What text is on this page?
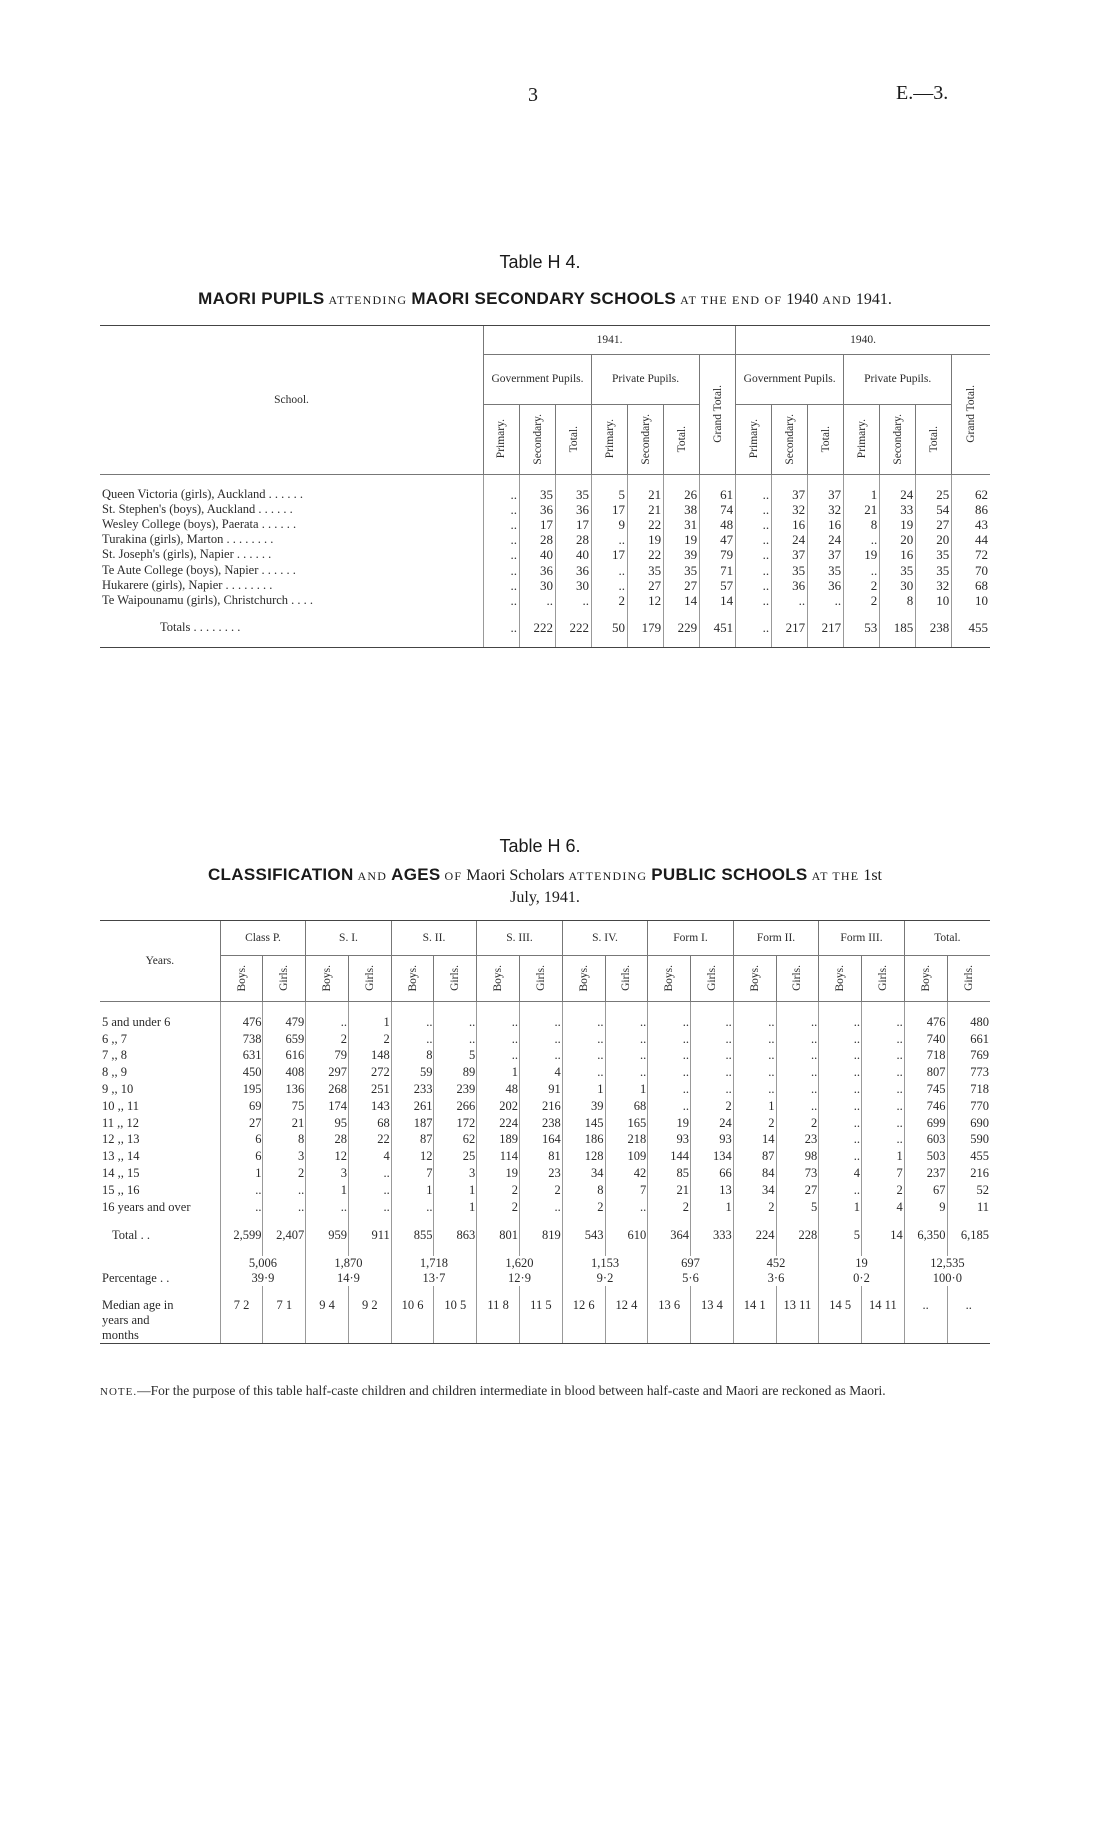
3	E.—3.
Table H 4.
MAORI PUPILS ATTENDING MAORI SECONDARY SCHOOLS AT THE END OF 1940 AND 1941.
School.	1941.							1940.						
	Government Pupils.			Private Pupils.			Grand Total.	Government Pupils.			Private Pupils.			Grand Total.

	Primary.	Secondary.	Total.	Primary.	Secondary.	Total.		Primary.	Secondary.	Total.	Primary.	Secondary.	Total.	

Queen Victoria (girls), Auckland . . . . . .	..	35	35	5	21	26	61	..	37	37	1	24	25	62
St. Stephen's (boys), Auckland . . . . . .	..	36	36	17	21	38	74	..	32	32	21	33	54	86
Wesley College (boys), Paerata . . . . . .	..	17	17	9	22	31	48	..	16	16	8	19	27	43
Turakina (girls), Marton . . . . . . . .	..	28	28	..	19	19	47	..	24	24	..	20	20	44
St. Joseph's (girls), Napier . . . . . .	..	40	40	17	22	39	79	..	37	37	19	16	35	72
Te Aute College (boys), Napier . . . . . .	..	36	36	..	35	35	71	..	35	35	..	35	35	70
Hukarere (girls), Napier . . . . . . . .	..	30	30	..	27	27	57	..	36	36	2	30	32	68
Te Waipounamu (girls), Christchurch . . . .	..	..	..	2	12	14	14	..	..	..	2	8	10	10

Totals . . . . . . . .	..	222	222	50	179	229	451	..	217	217	53	185	238	455

Table H 6.
CLASSIFICATION AND AGES OF Maori Scholars ATTENDING PUBLIC SCHOOLS AT THE 1st
July, 1941.
Years.	Class P.		S. I.		S. II.		S. III.		S. IV.		Form I.		Form II.		Form III.		Total.	

	Boys.	Girls.	Boys.	Girls.	Boys.	Girls.	Boys.	Girls.	Boys.	Girls.	Boys.	Girls.	Boys.	Girls.	Boys.	Girls.	Boys.	Girls.

5 and under 6	476	479	..	1	..	..	..	..	..	..	..	..	..	..	..	..	476	480
6 ,, 7	738	659	2	2	..	..	..	..	..	..	..	..	..	..	..	..	740	661
7 ,, 8	631	616	79	148	8	5	..	..	..	..	..	..	..	..	..	..	718	769
8 ,, 9	450	408	297	272	59	89	1	4	..	..	..	..	..	..	..	..	807	773
9 ,, 10	195	136	268	251	233	239	48	91	1	1	..	..	..	..	..	..	745	718
10 ,, 11	69	75	174	143	261	266	202	216	39	68	..	2	1	..	..	..	746	770
11 ,, 12	27	21	95	68	187	172	224	238	145	165	19	24	2	2	..	..	699	690
12 ,, 13	6	8	28	22	87	62	189	164	186	218	93	93	14	23	..	..	603	590
13 ,, 14	6	3	12	4	12	25	114	81	128	109	144	134	87	98	..	1	503	455
14 ,, 15	1	2	3	..	7	3	19	23	34	42	85	66	84	73	4	7	237	216
15 ,, 16	..	..	1	..	1	1	2	2	8	7	21	13	34	27	..	2	67	52
16 years and over	..	..	..	..	..	1	2	..	2	..	2	1	2	5	1	4	9	11

Total . .	2,599	2,407	959	911	855	863	801	819	543	610	364	333	224	228	5	14	6,350	6,185

	5,006		1,870		1,718		1,620		1,153		697		452		19		12,535	
Percentage . .	39·9		14·9		13·7		12·9		9·2		5·6		3·6		0·2		100·0	

Median age in	7 2	7 1	9 4	9 2	10 6	10 5	11 8	11 5	12 6	12 4	13 6	13 4	14 1	13 11	14 5	14 11	..	..
years and																		
months																		
NOTE.—For the purpose of this table half-caste children and children intermediate in blood between half-caste and Maori are reckoned as Maori.
